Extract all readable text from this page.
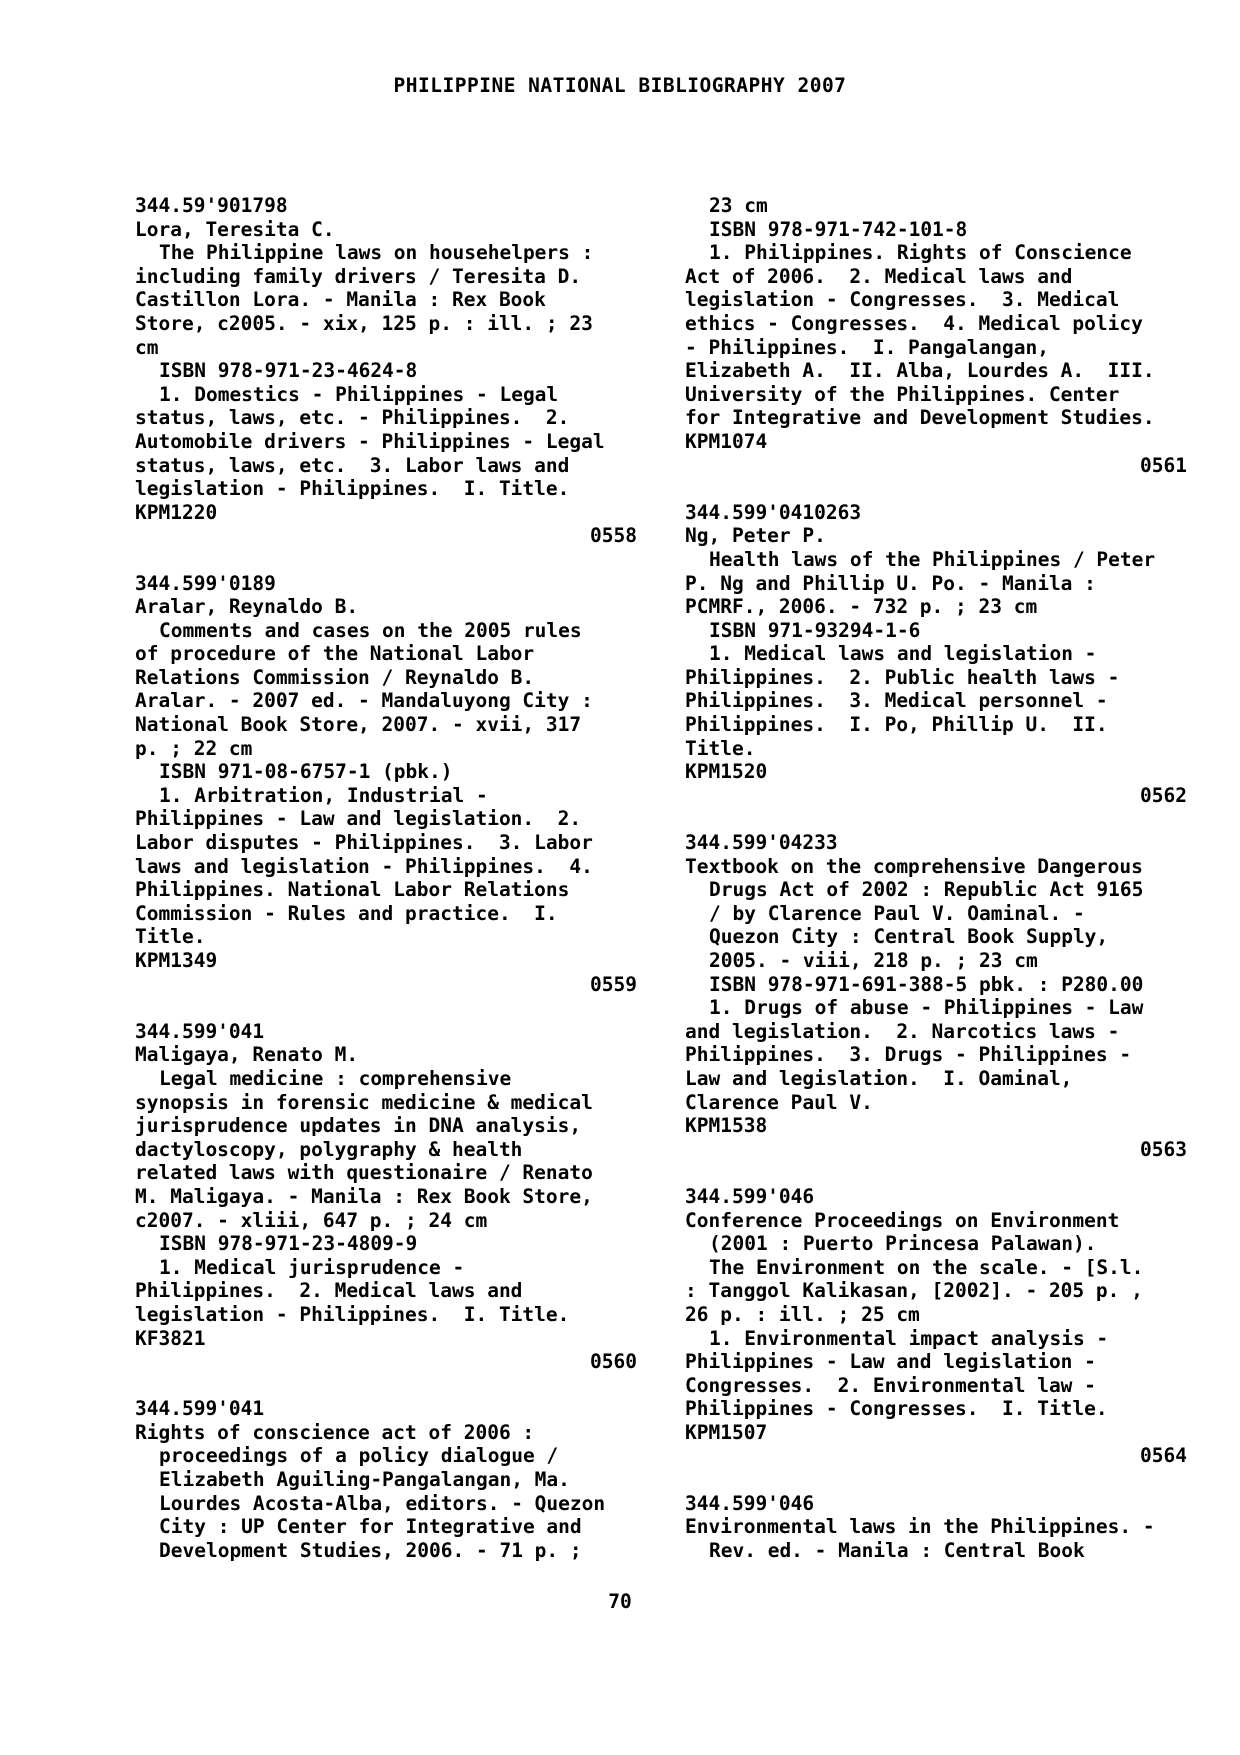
PHILIPPINE NATIONAL BIBLIOGRAPHY 2007
344.59'901798
Lora, Teresita C.
The Philippine laws on househelpers :
including family drivers / Teresita D.
Castillon Lora. - Manila : Rex Book
Store, c2005. - xix, 125 p. : ill. ; 23
cm
ISBN 978-971-23-4624-8
1. Domestics - Philippines - Legal
status, laws, etc. - Philippines.  2.
Automobile drivers - Philippines - Legal
status, laws, etc.  3. Labor laws and
legislation - Philippines.  I. Title.
KPM1220
0558
344.599'0189
Aralar, Reynaldo B.
Comments and cases on the 2005 rules
of procedure of the National Labor
Relations Commission / Reynaldo B.
Aralar. - 2007 ed. - Mandaluyong City :
National Book Store, 2007. - xvii, 317
p. ; 22 cm
ISBN 971-08-6757-1 (pbk.)
1. Arbitration, Industrial -
Philippines - Law and legislation.  2.
Labor disputes - Philippines.  3. Labor
laws and legislation - Philippines.  4.
Philippines. National Labor Relations
Commission - Rules and practice.  I.
Title.
KPM1349
0559
344.599'041
Maligaya, Renato M.
Legal medicine : comprehensive
synopsis in forensic medicine & medical
jurisprudence updates in DNA analysis,
dactyloscopy, polygraphy & health
related laws with questionaire / Renato
M. Maligaya. - Manila : Rex Book Store,
c2007. - xliii, 647 p. ; 24 cm
ISBN 978-971-23-4809-9
1. Medical jurisprudence -
Philippines.  2. Medical laws and
legislation - Philippines.  I. Title.
KF3821
0560
344.599'041
Rights of conscience act of 2006 :
proceedings of a policy dialogue /
Elizabeth Aguiling-Pangalangan, Ma.
Lourdes Acosta-Alba, editors. - Quezon
City : UP Center for Integrative and
Development Studies, 2006. - 71 p. ;
23 cm
ISBN 978-971-742-101-8
1. Philippines. Rights of Conscience
Act of 2006.  2. Medical laws and
legislation - Congresses.  3. Medical
ethics - Congresses.  4. Medical policy
- Philippines.  I. Pangalangan,
Elizabeth A.  II. Alba, Lourdes A.  III.
University of the Philippines. Center
for Integrative and Development Studies.
KPM1074
0561
344.599'0410263
Ng, Peter P.
Health laws of the Philippines / Peter
P. Ng and Phillip U. Po. - Manila :
PCMRF., 2006. - 732 p. ; 23 cm
ISBN 971-93294-1-6
1. Medical laws and legislation -
Philippines.  2. Public health laws -
Philippines.  3. Medical personnel -
Philippines.  I. Po, Phillip U.  II.
Title.
KPM1520
0562
344.599'04233
Textbook on the comprehensive Dangerous
Drugs Act of 2002 : Republic Act 9165
/ by Clarence Paul V. Oaminal. -
Quezon City : Central Book Supply,
2005. - viii, 218 p. ; 23 cm
ISBN 978-971-691-388-5 pbk. : P280.00
1. Drugs of abuse - Philippines - Law
and legislation.  2. Narcotics laws -
Philippines.  3. Drugs - Philippines -
Law and legislation.  I. Oaminal,
Clarence Paul V.
KPM1538
0563
344.599'046
Conference Proceedings on Environment
(2001 : Puerto Princesa Palawan).
The Environment on the scale. - [S.l.
: Tanggol Kalikasan, [2002]. - 205 p. ,
26 p. : ill. ; 25 cm
1. Environmental impact analysis -
Philippines - Law and legislation -
Congresses.  2. Environmental law -
Philippines - Congresses.  I. Title.
KPM1507
0564
344.599'046
Environmental laws in the Philippines. -
Rev. ed. - Manila : Central Book
70
